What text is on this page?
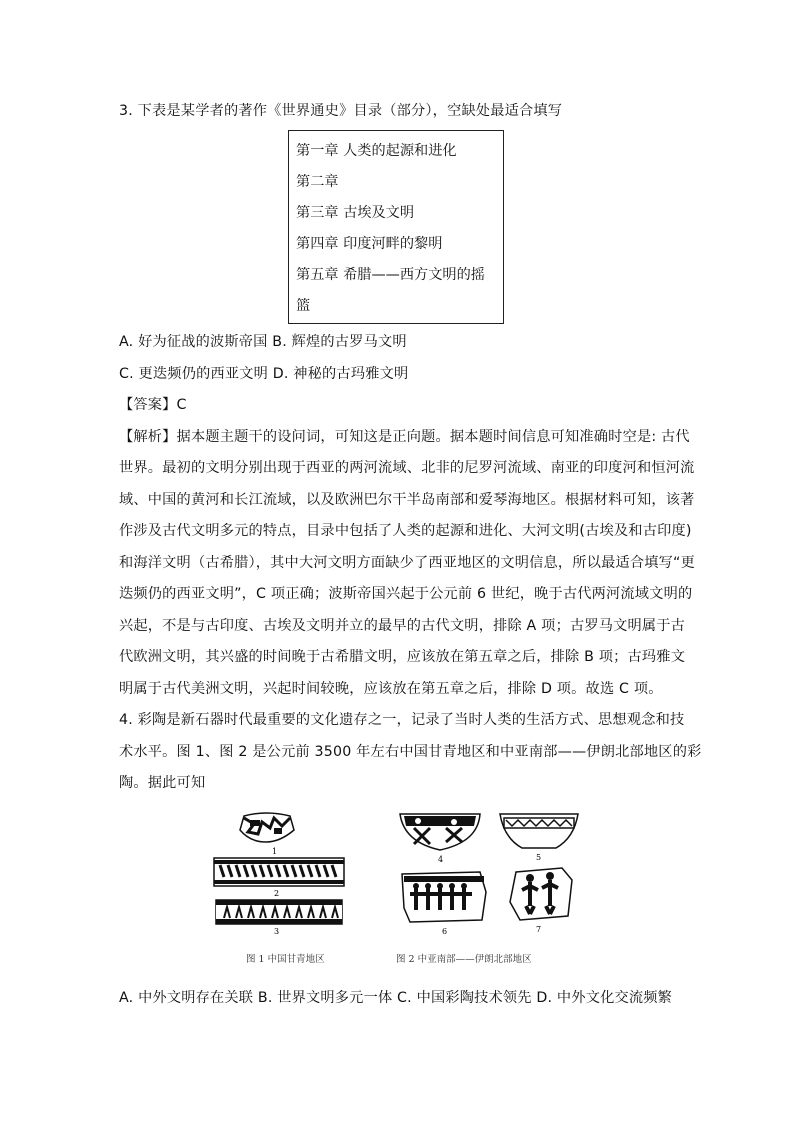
3. 下表是某学者的著作《世界通史》目录（部分），空缺处最适合填写
第一章 人类的起源和进化
第二章
第三章 古埃及文明
第四章 印度河畔的黎明
第五章 希腊——西方文明的摇
篮
A. 好为征战的波斯帝国 B. 辉煌的古罗马文明
C. 更迭频仍的西亚文明 D. 神秘的古玛雅文明
【答案】C
【解析】据本题主题干的设问词，可知这是正向题。据本题时间信息可知准确时空是: 古代
世界。最初的文明分别出现于西亚的两河流域、北非的尼罗河流域、南亚的印度河和恒河流
域、中国的黄河和长江流域，以及欧洲巴尔干半岛南部和爱琴海地区。根据材料可知，该著
作涉及古代文明多元的特点，目录中包括了人类的起源和进化、大河文明(古埃及和古印度)
和海洋文明（古希腊），其中大河文明方面缺少了西亚地区的文明信息，所以最适合填写“更
迭频仍的西亚文明”，C 项正确；波斯帝国兴起于公元前 6 世纪，晚于古代两河流域文明的
兴起，不是与古印度、古埃及文明并立的最早的古代文明，排除 A 项；古罗马文明属于古
代欧洲文明，其兴盛的时间晚于古希腊文明，应该放在第五章之后，排除 B 项；古玛雅文
明属于古代美洲文明，兴起时间较晚，应该放在第五章之后，排除 D 项。故选 C 项。
4. 彩陶是新石器时代最重要的文化遗存之一，记录了当时人类的生活方式、思想观念和技
术水平。图 1、图 2 是公元前 3500 年左右中国甘青地区和中亚南部——伊朗北部地区的彩
陶。据此可知
1
2
3
4	5
6	7
图 1 中国甘青地区	图 2 中亚南部——伊朗北部地区
A. 中外文明存在关联 B. 世界文明多元一体 C. 中国彩陶技术领先 D. 中外文化交流频繁
